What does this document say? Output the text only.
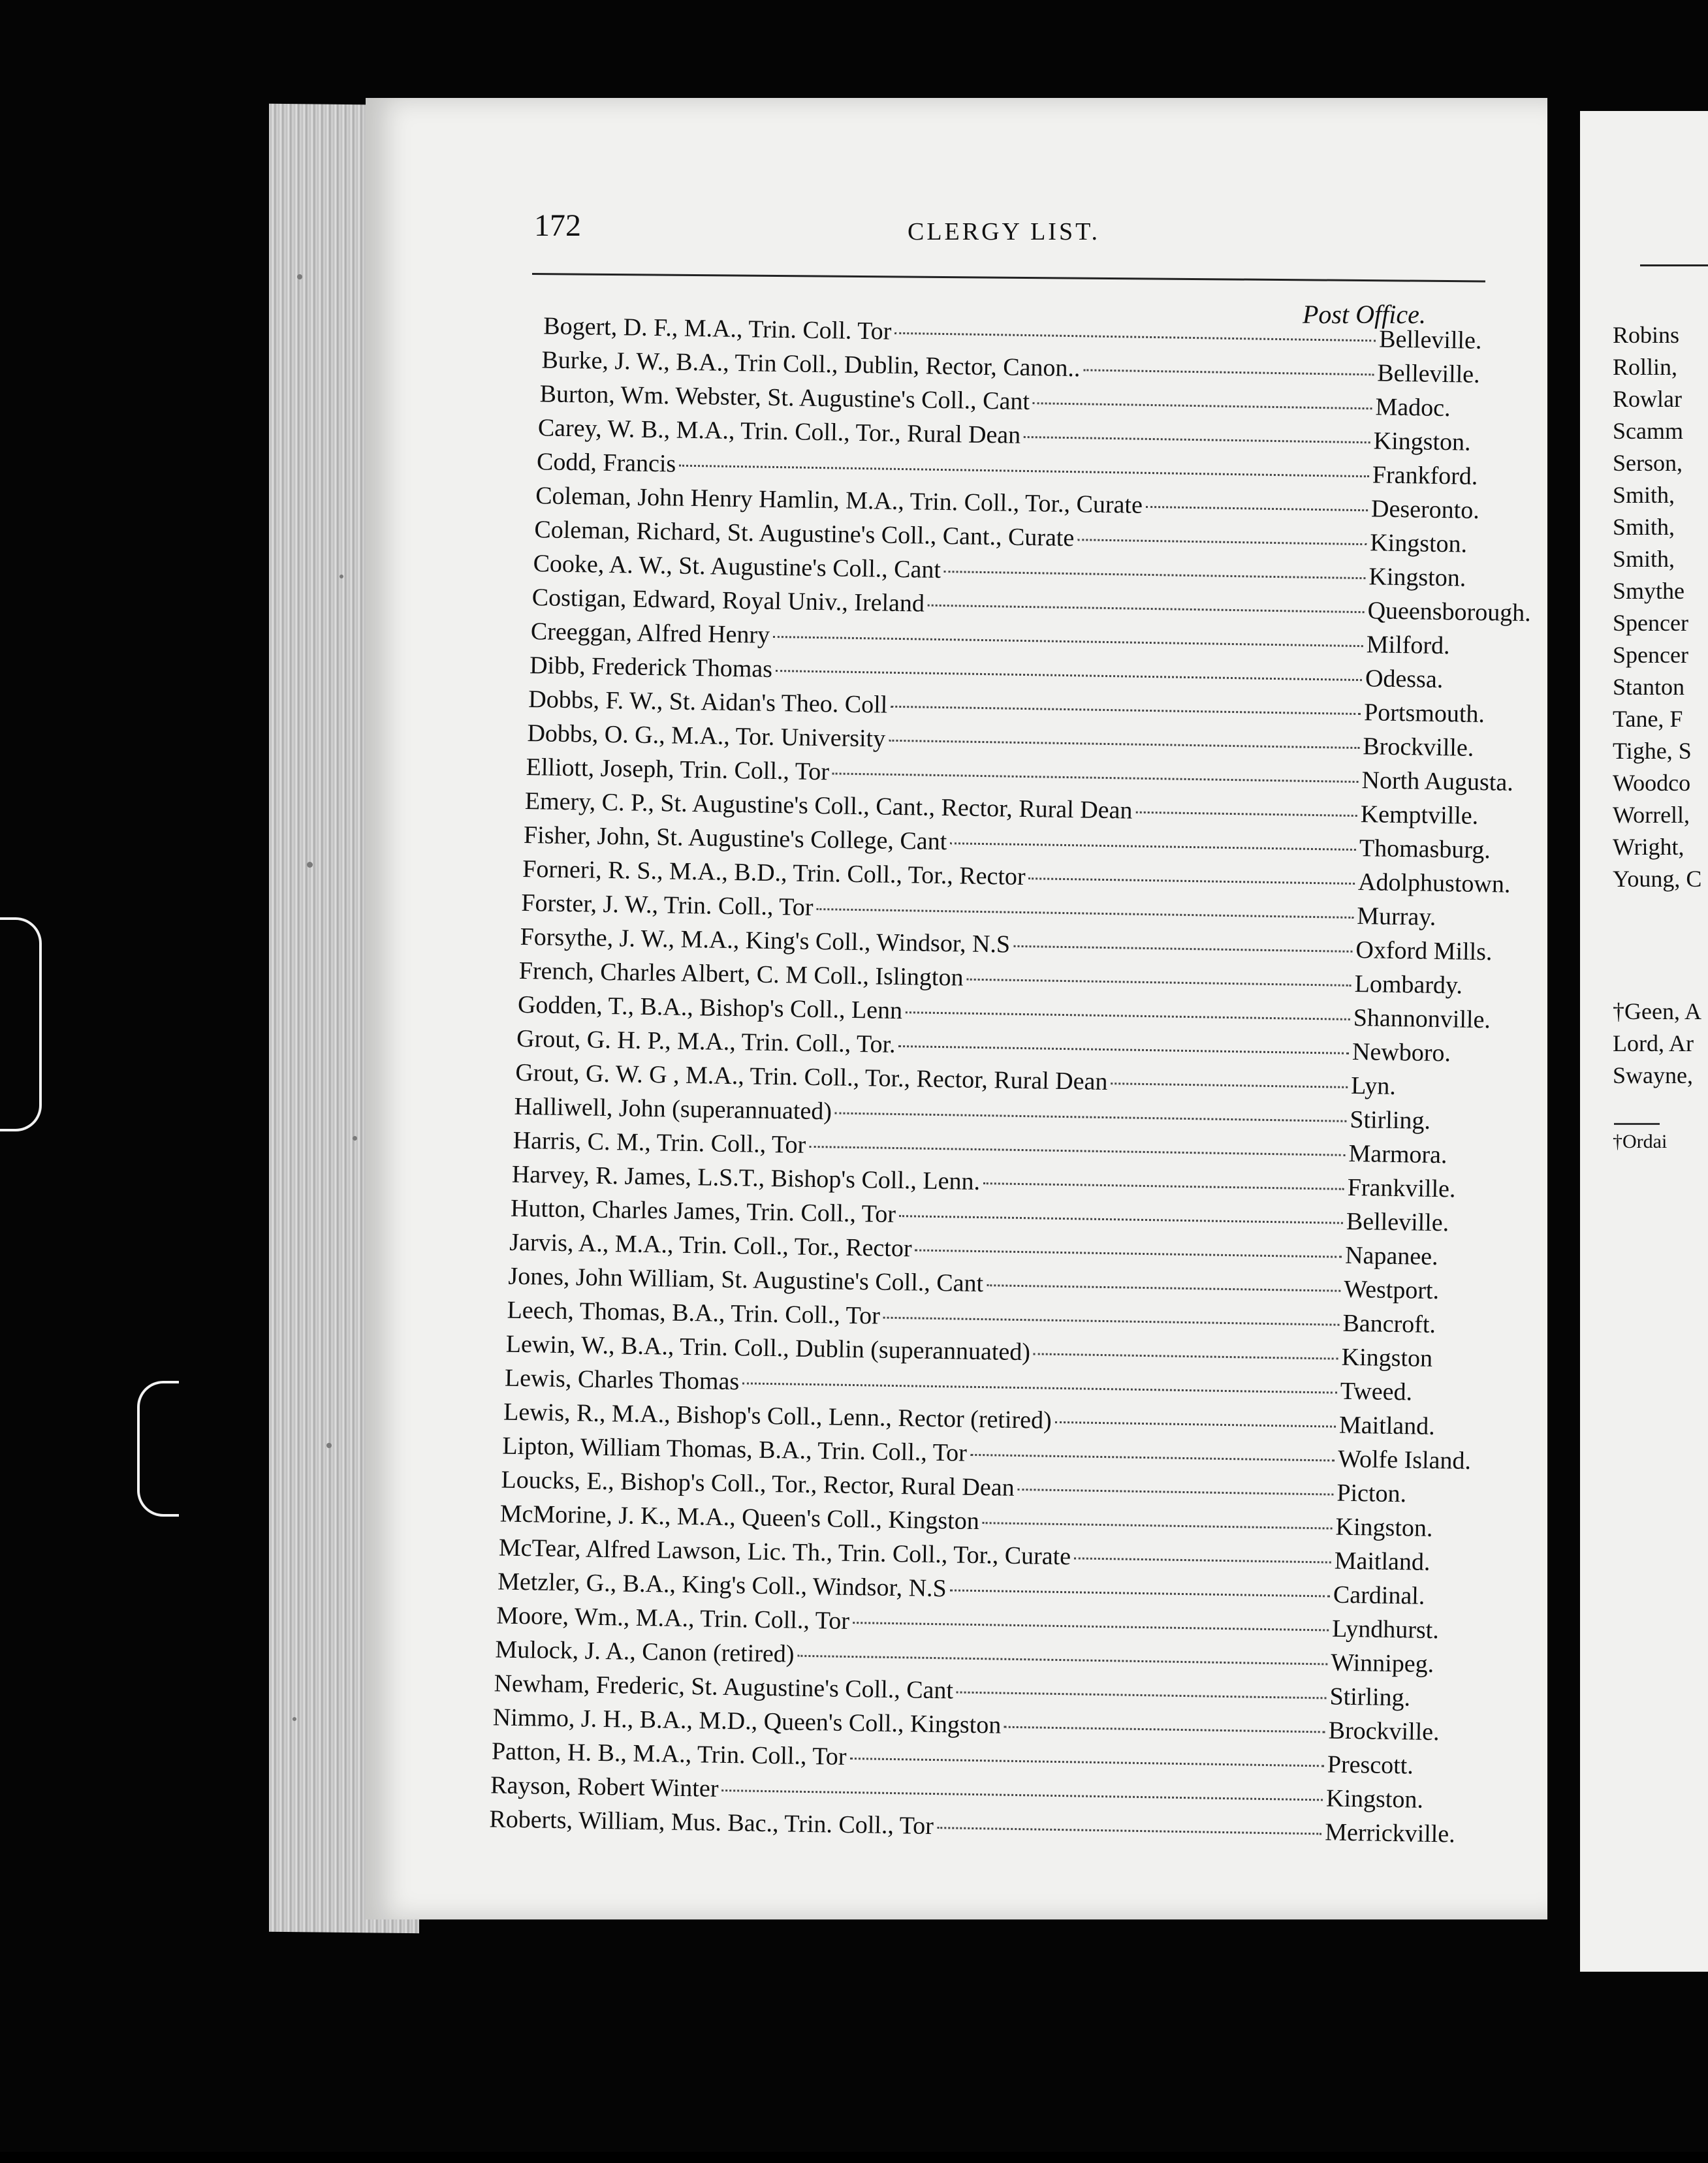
172	CLERGY LIST.
Post Office.
Bogert, D. F., M.A., Trin. Coll. Tor	Belleville.
Burke, J. W., B.A., Trin Coll., Dublin, Rector, Canon..	Belleville.
Burton, Wm. Webster, St. Augustine's Coll., Cant	Madoc.
Carey, W. B., M.A., Trin. Coll., Tor., Rural Dean	Kingston.
Codd, Francis	Frankford.
Coleman, John Henry Hamlin, M.A., Trin. Coll., Tor., Curate	Deseronto.
Coleman, Richard, St. Augustine's Coll., Cant., Curate	Kingston.
Cooke, A. W., St. Augustine's Coll., Cant	Kingston.
Costigan, Edward, Royal Univ., Ireland	Queensborough.
Creeggan, Alfred Henry	Milford.
Dibb, Frederick Thomas	Odessa.
Dobbs, F. W., St. Aidan's Theo. Coll	Portsmouth.
Dobbs, O. G., M.A., Tor. University	Brockville.
Elliott, Joseph, Trin. Coll., Tor	North Augusta.
Emery, C. P., St. Augustine's Coll., Cant., Rector, Rural Dean	Kemptville.
Fisher, John, St. Augustine's College, Cant	Thomasburg.
Forneri, R. S., M.A., B.D., Trin. Coll., Tor., Rector	Adolphustown.
Forster, J. W., Trin. Coll., Tor	Murray.
Forsythe, J. W., M.A., King's Coll., Windsor, N.S	Oxford Mills.
French, Charles Albert, C. M Coll., Islington	Lombardy.
Godden, T., B.A., Bishop's Coll., Lenn	Shannonville.
Grout, G. H. P., M.A., Trin. Coll., Tor.	Newboro.
Grout, G. W. G , M.A., Trin. Coll., Tor., Rector, Rural Dean	Lyn.
Halliwell, John (superannuated)	Stirling.
Harris, C. M., Trin. Coll., Tor	Marmora.
Harvey, R. James, L.S.T., Bishop's Coll., Lenn.	Frankville.
Hutton, Charles James, Trin. Coll., Tor	Belleville.
Jarvis, A., M.A., Trin. Coll., Tor., Rector	Napanee.
Jones, John William, St. Augustine's Coll., Cant	Westport.
Leech, Thomas, B.A., Trin. Coll., Tor	Bancroft.
Lewin, W., B.A., Trin. Coll., Dublin (superannuated)	Kingston
Lewis, Charles Thomas	Tweed.
Lewis, R., M.A., Bishop's Coll., Lenn., Rector (retired)	Maitland.
Lipton, William Thomas, B.A., Trin. Coll., Tor	Wolfe Island.
Loucks, E., Bishop's Coll., Tor., Rector, Rural Dean	Picton.
McMorine, J. K., M.A., Queen's Coll., Kingston	Kingston.
McTear, Alfred Lawson, Lic. Th., Trin. Coll., Tor., Curate	Maitland.
Metzler, G., B.A., King's Coll., Windsor, N.S	Cardinal.
Moore, Wm., M.A., Trin. Coll., Tor	Lyndhurst.
Mulock, J. A., Canon (retired)	Winnipeg.
Newham, Frederic, St. Augustine's Coll., Cant	Stirling.
Nimmo, J. H., B.A., M.D., Queen's Coll., Kingston	Brockville.
Patton, H. B., M.A., Trin. Coll., Tor	Prescott.
Rayson, Robert Winter	Kingston.
Roberts, William, Mus. Bac., Trin. Coll., Tor	Merrickville.
Robins
Rollin,
Rowlar
Scamm
Serson,
Smith,
Smith,
Smith,
Smythe
Spencer
Spencer
Stanton
Tane, F
Tighe, S
Woodco
Worrell,
Wright,
Young, C
†Geen, A
Lord, Ar
Swayne,
†Ordai
